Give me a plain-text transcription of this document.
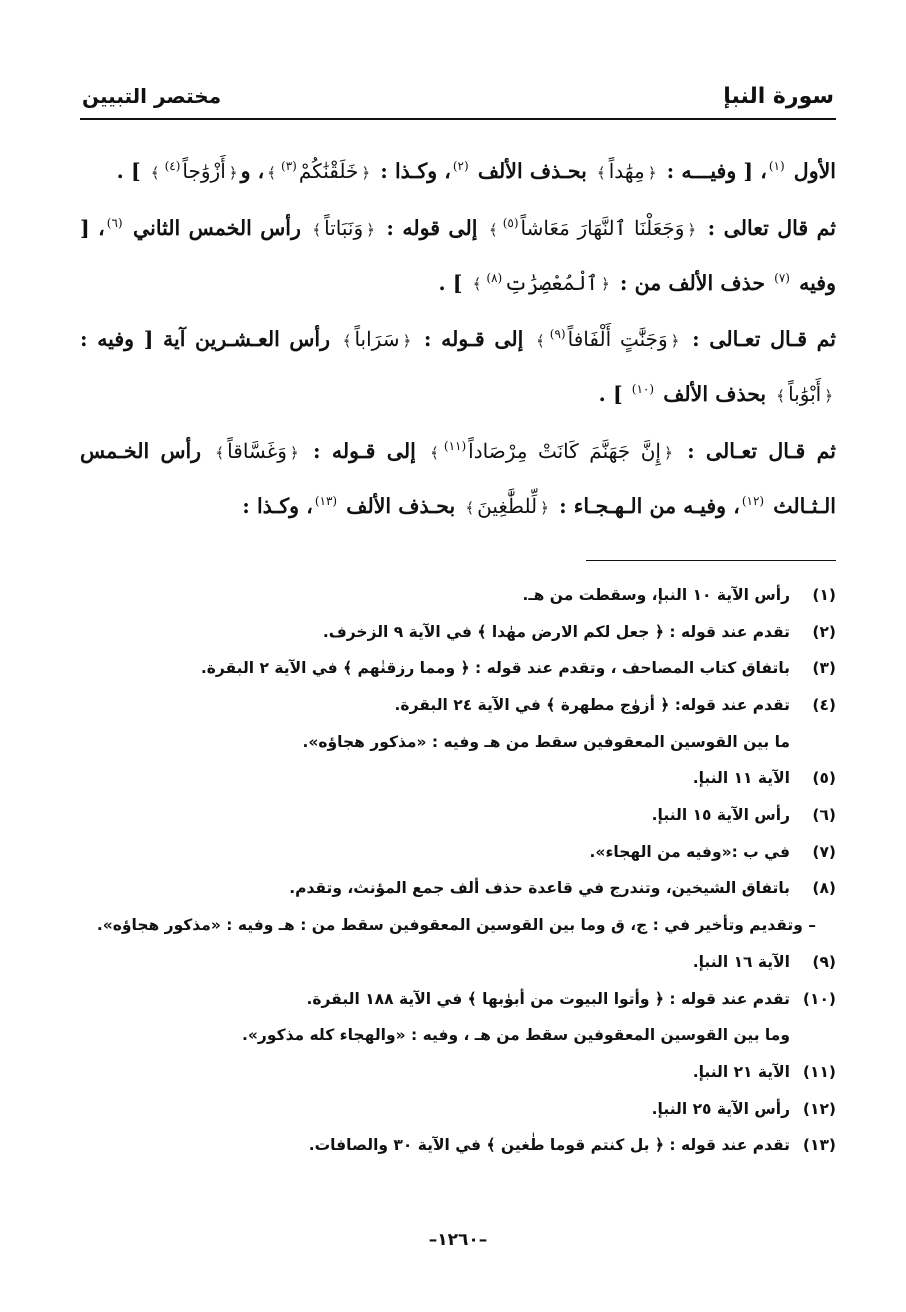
سورة النبإ
مختصر التبيين

الأول $^{(١)}$، [ وفيـــه : ﴿مِهَٰداً﴾ بحـذف الألف $^{(٢)}$، وكـذا : ﴿خَلَقْنَٰكُمْ$^{(٣)}$﴾، و﴿أَزْوَٰجاً$^{(٤)}$﴾ ] .

ثم قال تعالى : ﴿وَجَعَلْنَا ٱلنَّهَارَ مَعَاشاً$^{(٥)}$﴾ إلى قوله : ﴿وَنَبَاتاً﴾ رأس الخمس الثاني $^{(٦)}$، [ وفيه $^{(٧)}$ حذف الألف من : ﴿ٱلْمُعْصِرَٰتِ$^{(٨)}$﴾ ] .

ثم قـال تعـالى : ﴿وَجَنَّٰتٍ أَلْفَافاً$^{(٩)}$﴾ إلى قـوله : ﴿سَرَاباً﴾ رأس العـشـرين آية [ وفيه : ﴿أَبْوَٰباً﴾ بحذف الألف $^{(١٠)}$ ] .

ثم قـال تعـالى : ﴿إِنَّ جَهَنَّمَ كَانَتْ مِرْصَاداً$^{(١١)}$﴾ إلى قـوله : ﴿وَغَسَّاقاً﴾ رأس الخـمس الـثـالث $^{(١٢)}$، وفيـه من الـهـجـاء : ﴿لِّلطَّٰغِينَ﴾ بحـذف الألف $^{(١٣)}$، وكـذا :

(١)
رأس الآية ١٠ النبإ، وسقطت من هـ.
(٢)
تقدم عند قوله : ﴿ جعل لكم الارض مهٰدا ﴾ في الآية ٩ الزخرف.
(٣)
باتفاق كتاب المصاحف ، وتقدم عند قوله : ﴿ ومما رزقنٰهم ﴾ في الآية ٢ البقرة.
(٤)
تقدم عند قوله: ﴿ أزوٰج مطهرة ﴾ في الآية ٢٤ البقرة.
ما بين القوسين المعقوفين سقط من هـ وفيه : «مذكور هجاؤه».
(٥)
الآية ١١ النبإ.
(٦)
رأس الآية ١٥ النبإ.
(٧)
في ب :«وفيه من الهجاء».
(٨)
باتفاق الشيخين، وتندرج في قاعدة حذف ألف جمع المؤنث، وتقدم.
– وتقديم وتأخير في : ج، ق وما بين القوسين المعقوفين سقط من : هـ وفيه : «مذكور هجاؤه».
(٩)
الآية ١٦ النبإ.
(١٠)
تقدم عند قوله : ﴿ وأتوا البيوت من أبوٰبها ﴾ في الآية ١٨٨ البقرة.
وما بين القوسين المعقوفين سقط من هـ ، وفيه : «والهجاء كله مذكور».
(١١)
الآية ٢١ النبإ.
(١٢)
رأس الآية ٢٥ النبإ.
(١٣)
تقدم عند قوله : ﴿ بل كنتم قوما طٰغين ﴾ في الآية ٣٠ والصافات.
–١٢٦٠–
